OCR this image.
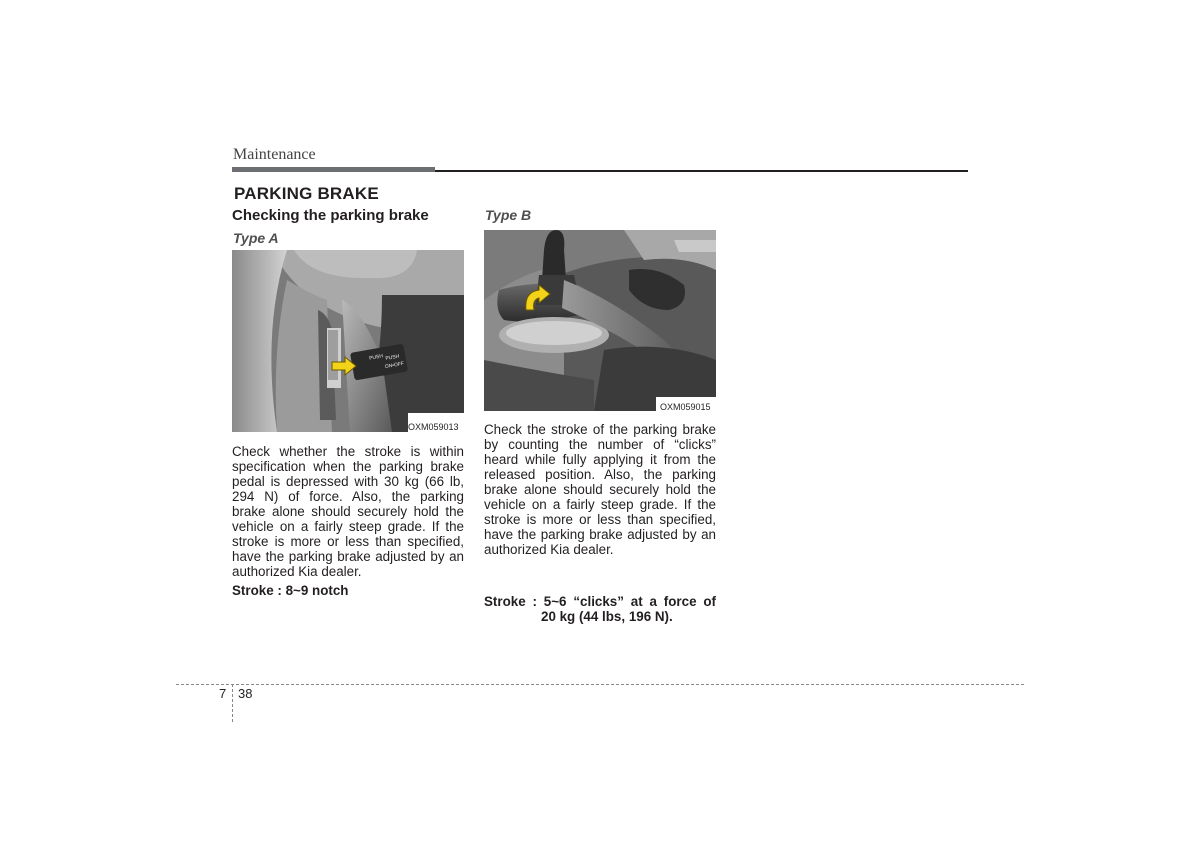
Maintenance
PARKING BRAKE
Checking the parking brake
Type A
PUSH PUSH
ON•OFF
OXM059013
Check whether the stroke is within specification when the parking brake pedal is depressed with 30 kg (66 lb, 294 N) of force. Also, the parking brake alone should securely hold the vehicle on a fairly steep grade. If the stroke is more or less than specified, have the parking brake adjusted by an authorized Kia dealer.
Stroke : 8~9 notch
Type B
OXM059015
Check the stroke of the parking brake by counting the number of “clicks” heard while fully applying it from the released position. Also, the parking brake alone should securely hold the vehicle on a fairly steep grade. If the stroke is more or less than specified, have the parking brake adjusted by an authorized Kia dealer.
Stroke : 5~6 “clicks” at a force of
20 kg (44 lbs, 196 N).
7 38
